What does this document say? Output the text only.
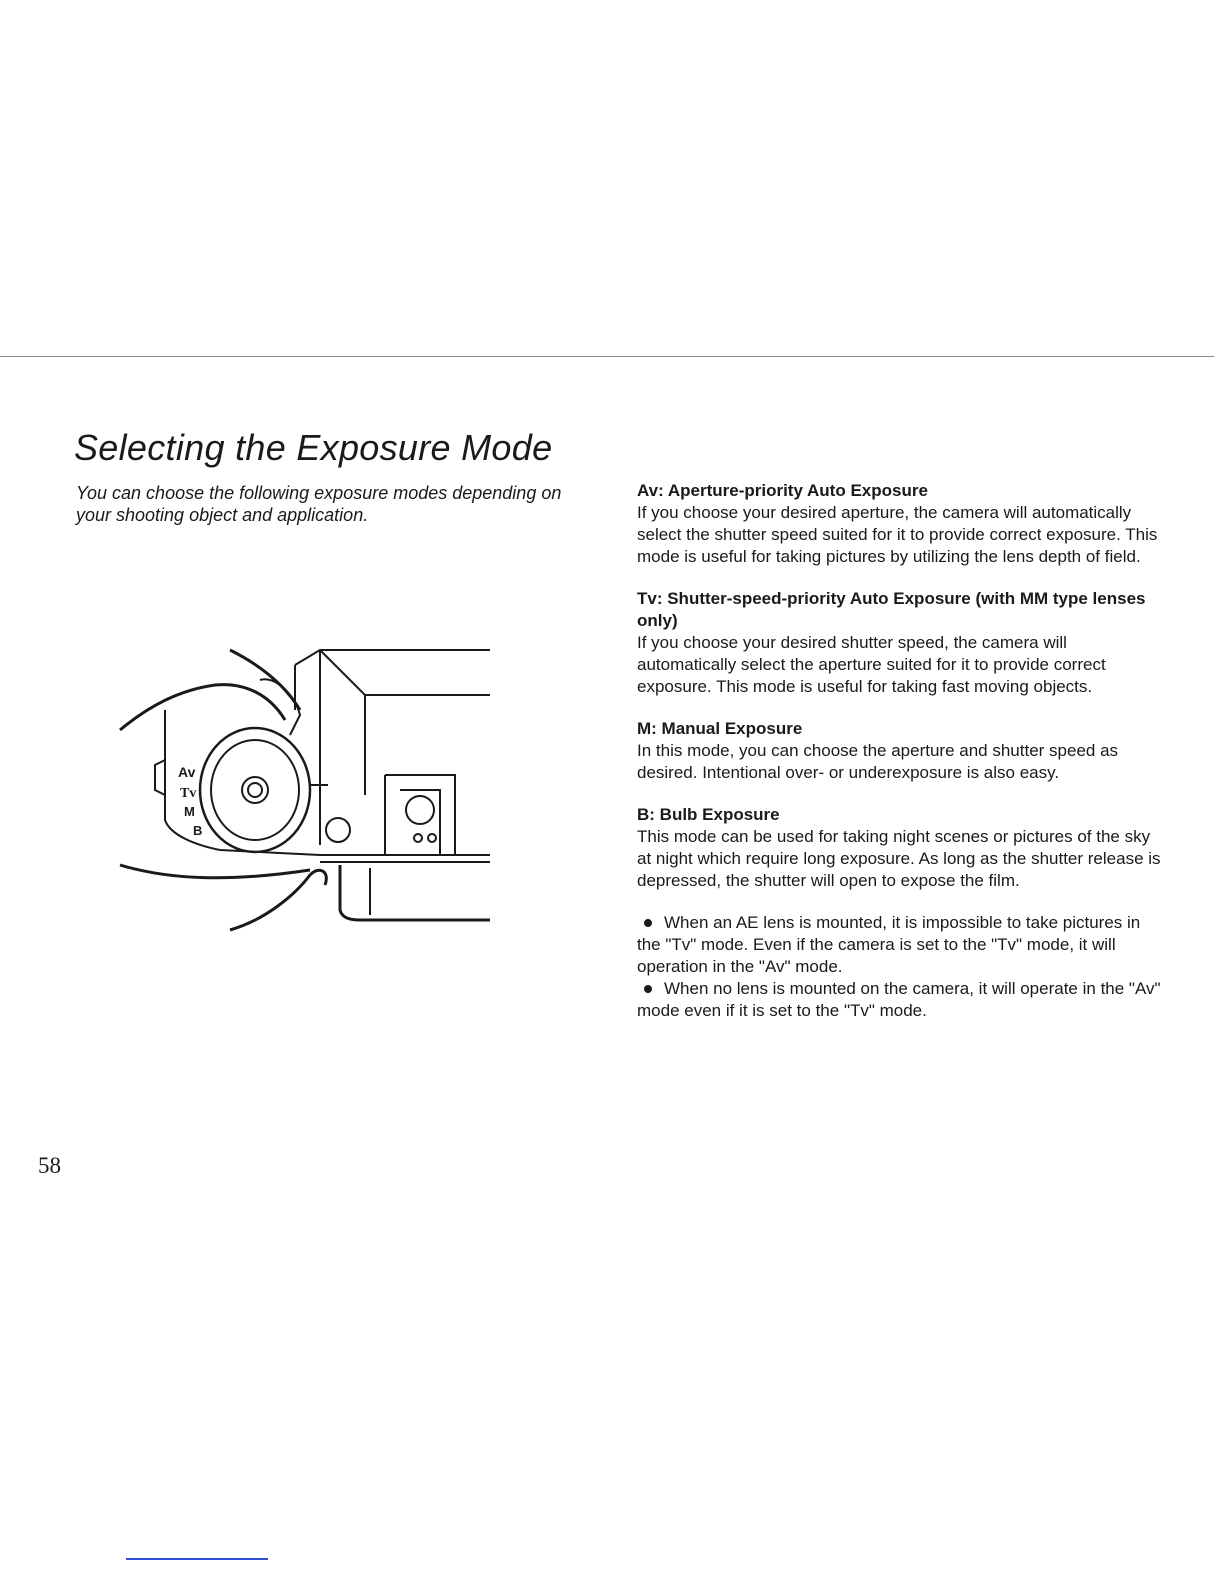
Selecting the Exposure Mode

You can choose the following exposure modes depending on your shooting object and application.

Av
Tv
M
B
58
Av: Aperture-priority Auto Exposure

If you choose your desired aperture, the camera will automatically select the shutter speed suited for it to provide correct exposure. This mode is useful for taking pictures by utilizing the lens depth of field.

Tv: Shutter-speed-priority Auto Exposure (with MM type lenses only)

If you choose your desired shutter speed, the camera will automatically select the aperture suited for it to provide correct exposure. This mode is useful for taking fast moving objects.

M: Manual Exposure

In this mode, you can choose the aperture and shutter speed as desired. Intentional over- or underexposure is also easy.

B: Bulb Exposure

This mode can be used for taking night scenes or pictures of the sky at night which require long exposure. As long as the shutter release is depressed, the shutter will open to expose the film.

When an AE lens is mounted, it is impossible to take pictures in the "Tv" mode. Even if the camera is set to the "Tv" mode, it will operation in the "Av" mode.

When no lens is mounted on the camera, it will operate in the "Av" mode even if it is set to the "Tv" mode.
